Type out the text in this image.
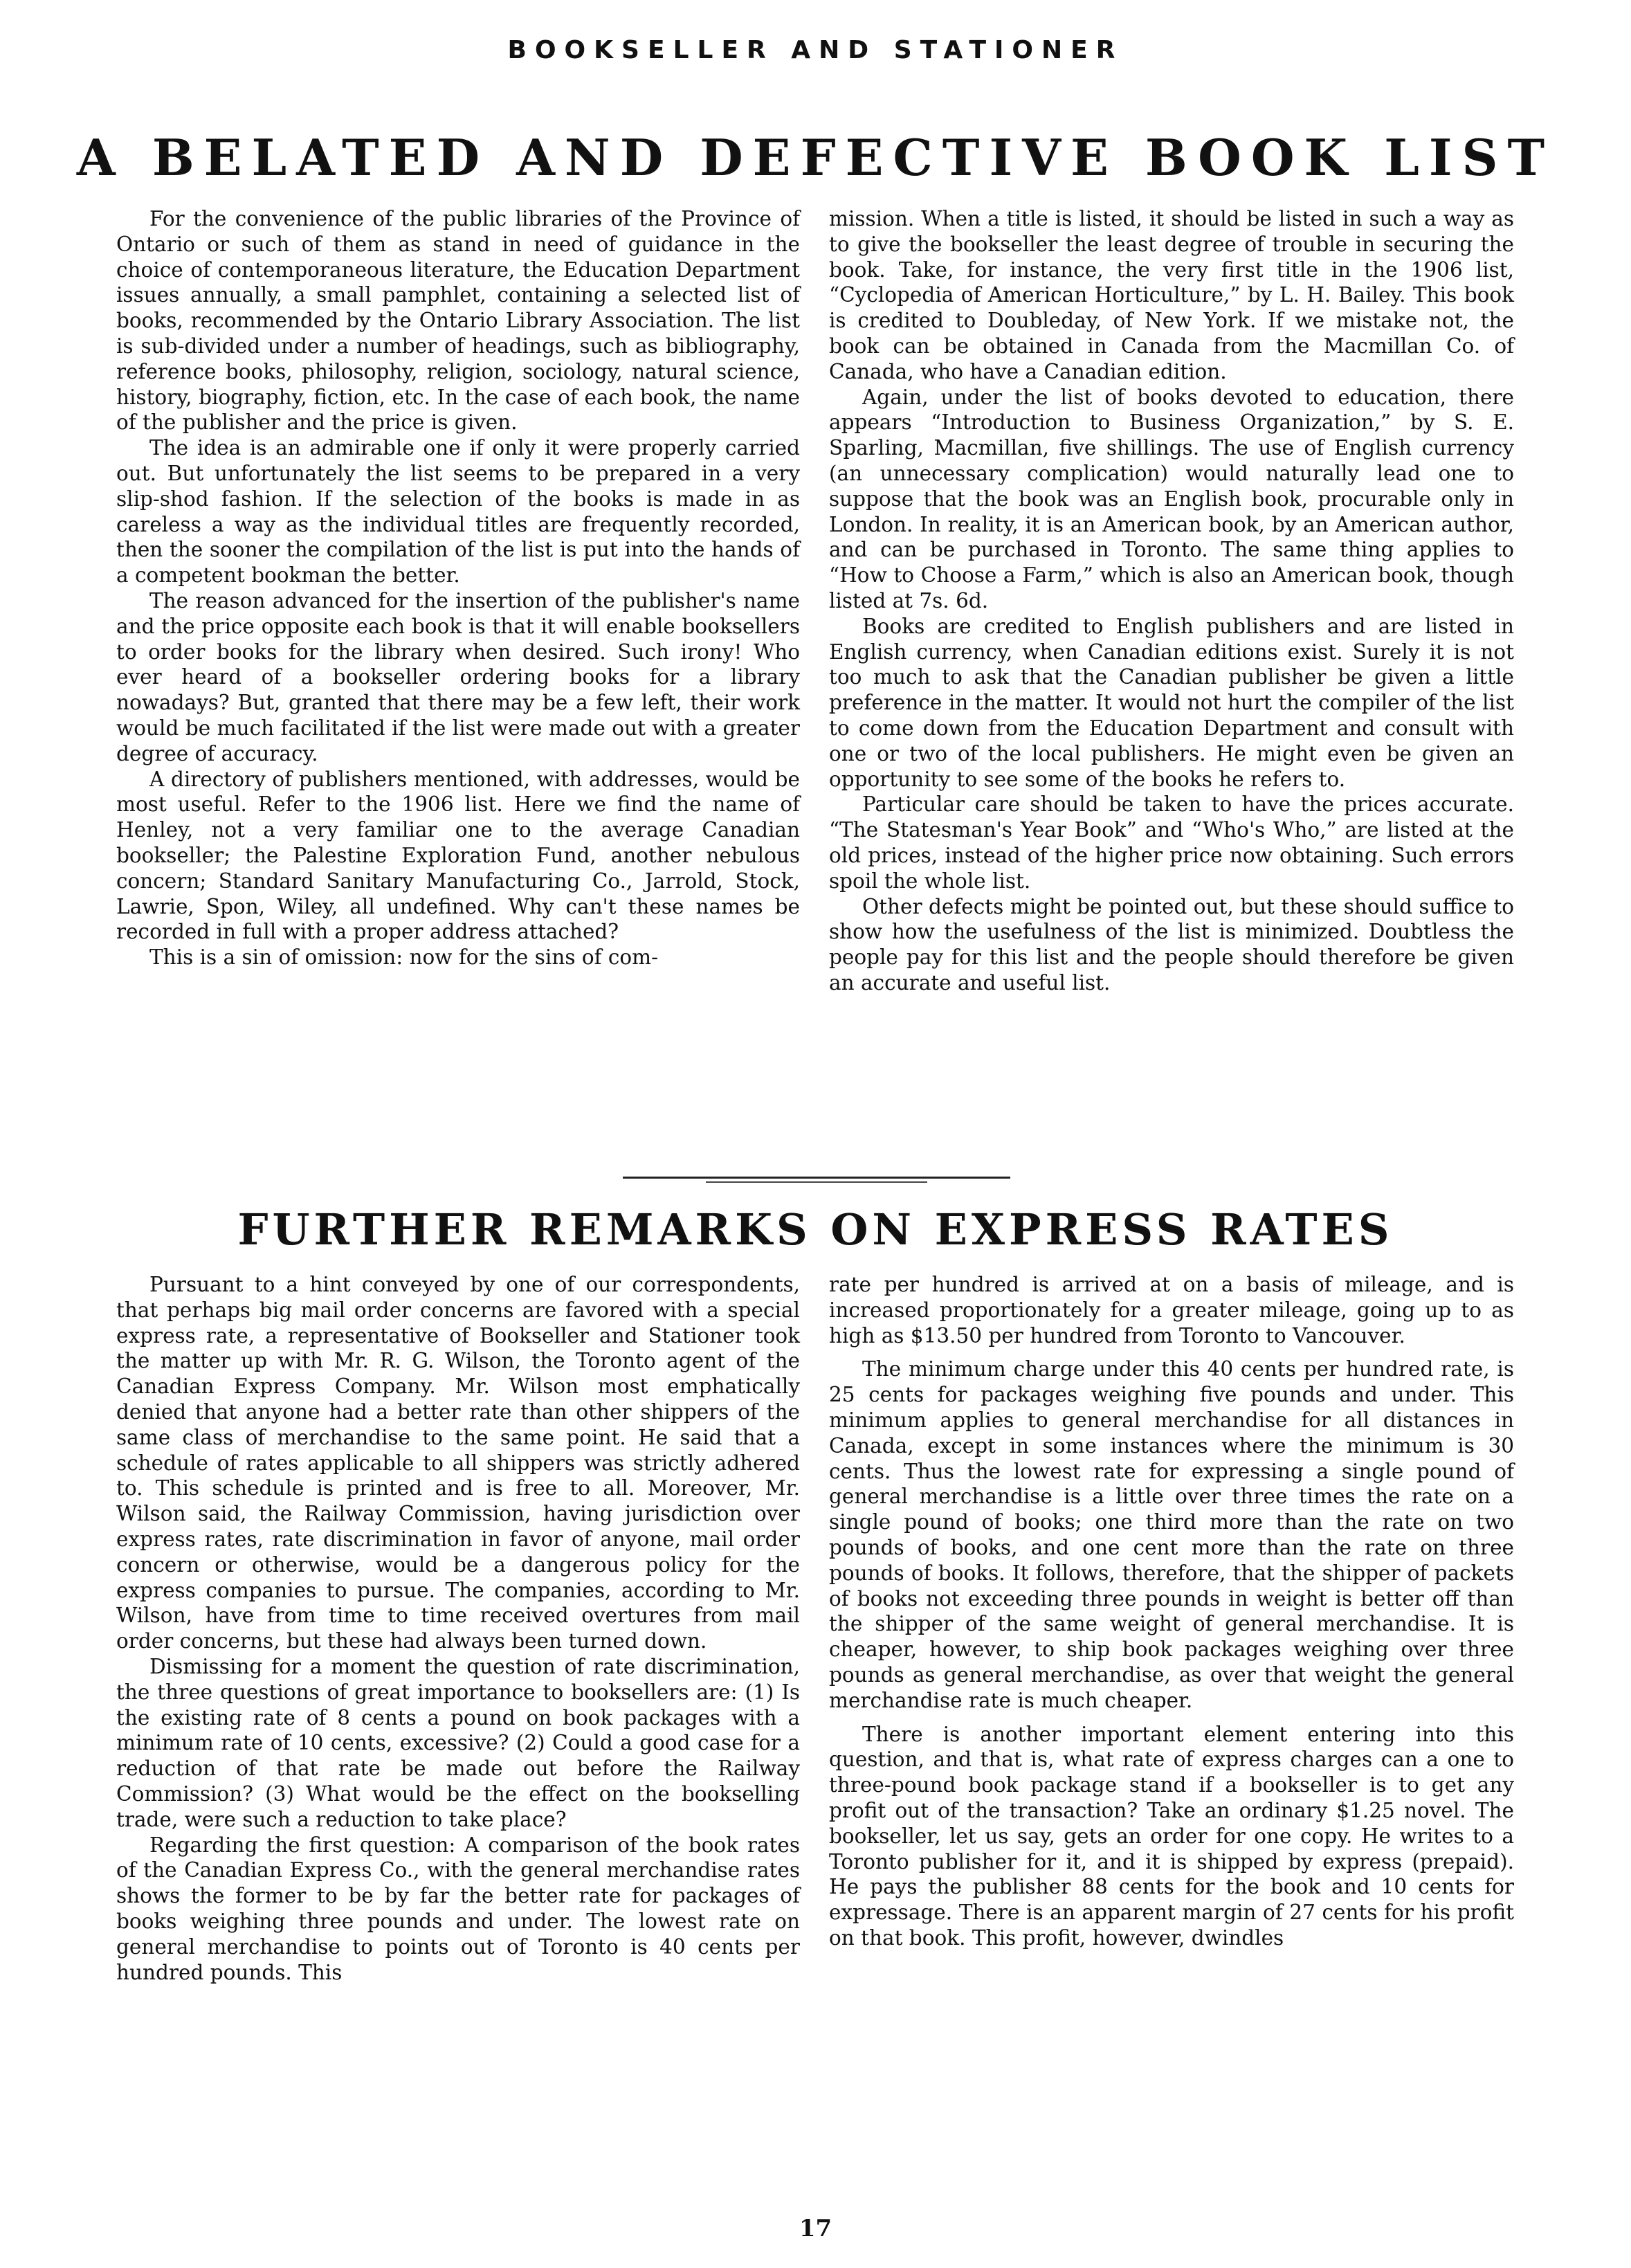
BOOKSELLER AND STATIONER
A BELATED AND DEFECTIVE BOOK LIST

For the convenience of the public libraries of the Province of Ontario or such of them as stand in need of guidance in the choice of contemporaneous literature, the Education Department issues annually, a small pamphlet, containing a selected list of books, recommended by the Ontario Library Association. The list is sub-divided under a number of headings, such as bibliography, reference books, philosophy, religion, sociology, natural science, history, biography, fiction, etc. In the case of each book, the name of the publisher and the price is given.

The idea is an admirable one if only it were properly carried out. But unfortunately the list seems to be prepared in a very slip-shod fashion. If the selection of the books is made in as careless a way as the individual titles are frequently recorded, then the sooner the compilation of the list is put into the hands of a competent bookman the better.

The reason advanced for the insertion of the publisher's name and the price opposite each book is that it will enable booksellers to order books for the library when desired. Such irony! Who ever heard of a bookseller ordering books for a library nowadays? But, granted that there may be a few left, their work would be much facilitated if the list were made out with a greater degree of accuracy.

A directory of publishers mentioned, with addresses, would be most useful. Refer to the 1906 list. Here we find the name of Henley, not a very familiar one to the average Canadian bookseller; the Palestine Exploration Fund, another nebulous concern; Standard Sanitary Manufacturing Co., Jarrold, Stock, Lawrie, Spon, Wiley, all undefined. Why can't these names be recorded in full with a proper address attached?

This is a sin of omission: now for the sins of com-

mission. When a title is listed, it should be listed in such a way as to give the bookseller the least degree of trouble in securing the book. Take, for instance, the very first title in the 1906 list, “Cyclopedia of American Horticulture,” by L. H. Bailey. This book is credited to Doubleday, of New York. If we mistake not, the book can be obtained in Canada from the Macmillan Co. of Canada, who have a Canadian edition.

Again, under the list of books devoted to education, there appears “Introduction to Business Organization,” by S. E. Sparling, Macmillan, five shillings. The use of English currency (an unnecessary complication) would naturally lead one to suppose that the book was an English book, procurable only in London. In reality, it is an American book, by an American author, and can be purchased in Toronto. The same thing applies to “How to Choose a Farm,” which is also an American book, though listed at 7s. 6d.

Books are credited to English publishers and are listed in English currency, when Canadian editions exist. Surely it is not too much to ask that the Canadian publisher be given a little preference in the matter. It would not hurt the compiler of the list to come down from the Education Department and consult with one or two of the local publishers. He might even be given an opportunity to see some of the books he refers to.

Particular care should be taken to have the prices accurate. “The Statesman's Year Book” and “Who's Who,” are listed at the old prices, instead of the higher price now obtaining. Such errors spoil the whole list.

Other defects might be pointed out, but these should suffice to show how the usefulness of the list is minimized. Doubtless the people pay for this list and the people should therefore be given an accurate and useful list.

FURTHER REMARKS ON EXPRESS RATES

Pursuant to a hint conveyed by one of our correspondents, that perhaps big mail order concerns are favored with a special express rate, a representative of Bookseller and Stationer took the matter up with Mr. R. G. Wilson, the Toronto agent of the Canadian Express Company. Mr. Wilson most emphatically denied that anyone had a better rate than other shippers of the same class of merchandise to the same point. He said that a schedule of rates applicable to all shippers was strictly adhered to. This schedule is printed and is free to all. Moreover, Mr. Wilson said, the Railway Commission, having jurisdiction over express rates, rate discrimination in favor of anyone, mail order concern or otherwise, would be a dangerous policy for the express companies to pursue. The companies, according to Mr. Wilson, have from time to time received overtures from mail order concerns, but these had always been turned down.

Dismissing for a moment the question of rate discrimination, the three questions of great importance to booksellers are: (1) Is the existing rate of 8 cents a pound on book packages with a minimum rate of 10 cents, excessive? (2) Could a good case for a reduction of that rate be made out before the Railway Commission? (3) What would be the effect on the bookselling trade, were such a reduction to take place?

Regarding the first question: A comparison of the book rates of the Canadian Express Co., with the general merchandise rates shows the former to be by far the better rate for packages of books weighing three pounds and under. The lowest rate on general merchandise to points out of Toronto is 40 cents per hundred pounds. This

rate per hundred is arrived at on a basis of mileage, and is increased proportionately for a greater mileage, going up to as high as $13.50 per hundred from Toronto to Vancouver.

The minimum charge under this 40 cents per hundred rate, is 25 cents for packages weighing five pounds and under. This minimum applies to general merchandise for all distances in Canada, except in some instances where the minimum is 30 cents. Thus the lowest rate for expressing a single pound of general merchandise is a little over three times the rate on a single pound of books; one third more than the rate on two pounds of books, and one cent more than the rate on three pounds of books. It follows, therefore, that the shipper of packets of books not exceeding three pounds in weight is better off than the shipper of the same weight of general merchandise. It is cheaper, however, to ship book packages weighing over three pounds as general merchandise, as over that weight the general merchandise rate is much cheaper.

There is another important element entering into this question, and that is, what rate of express charges can a one to three-pound book package stand if a bookseller is to get any profit out of the transaction? Take an ordinary $1.25 novel. The bookseller, let us say, gets an order for one copy. He writes to a Toronto publisher for it, and it is shipped by express (prepaid). He pays the publisher 88 cents for the book and 10 cents for expressage. There is an apparent margin of 27 cents for his profit on that book. This profit, however, dwindles

17
